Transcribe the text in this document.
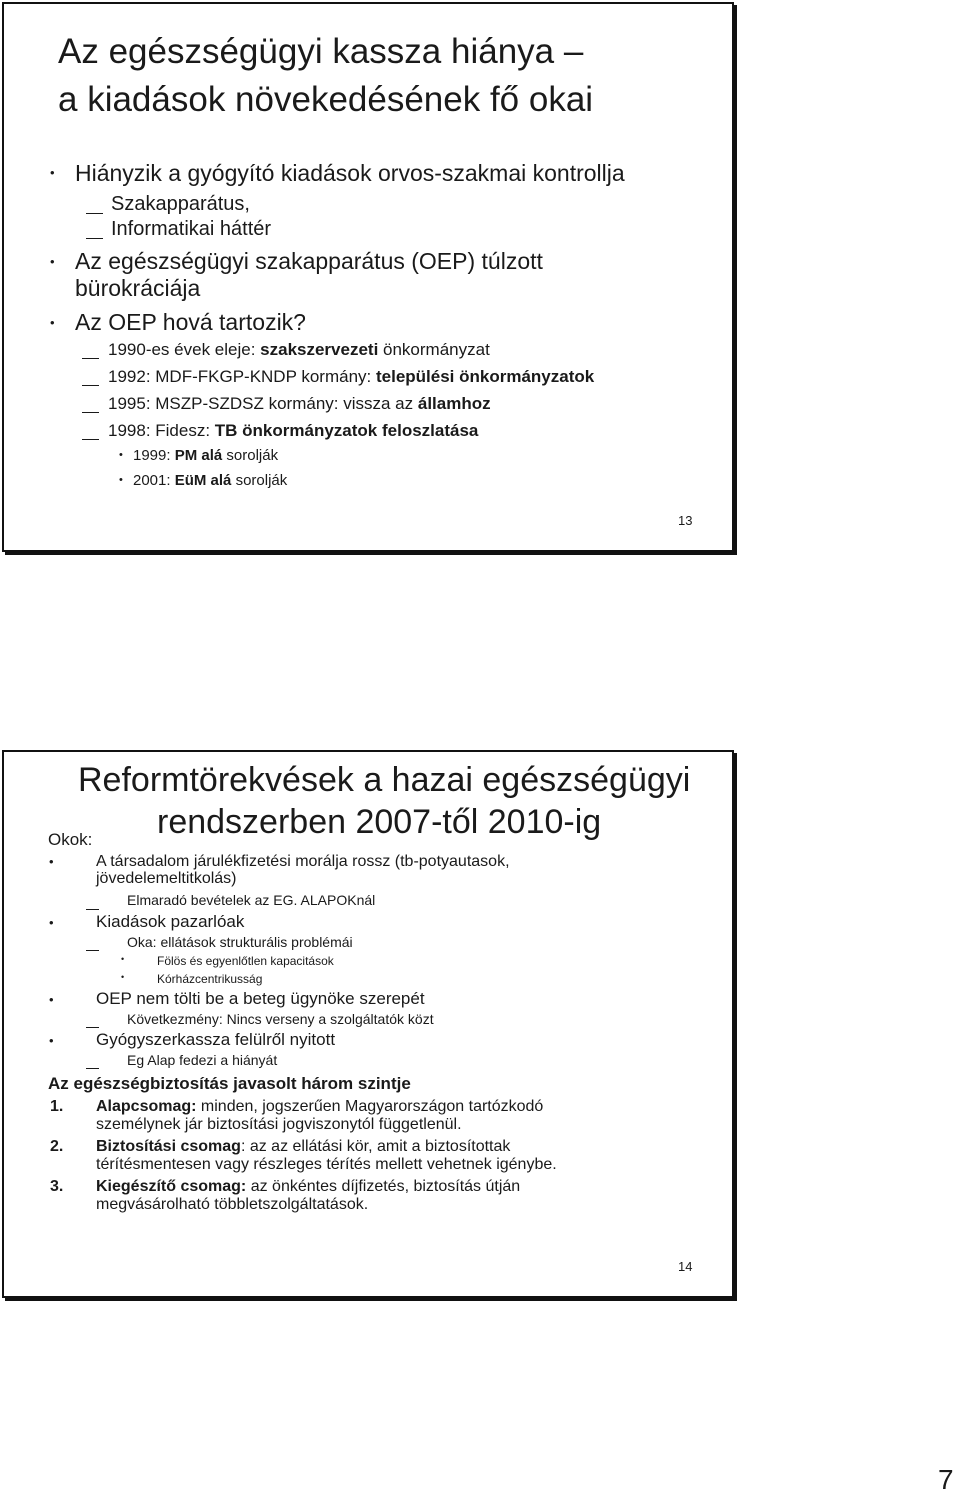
Az egészségügyi kassza hiánya –
a kiadások növekedésének fő okai
• Hiányzik a gyógyító kiadások orvos-szakmai kontrollja
Szakapparátus,
Informatikai háttér
• Az egészségügyi szakapparátus (OEP) túlzott
bürokráciája
• Az OEP hová tartozik?
1990-es évek eleje: szakszervezeti önkormányzat
1992: MDF-FKGP-KNDP kormány: települési önkormányzatok
1995: MSZP-SZDSZ kormány: vissza az államhoz
1998: Fidesz: TB önkormányzatok feloszlatása
• 1999: PM alá sorolják
• 2001: EüM alá sorolják
13
Reformtörekvések a hazai egészségügyi
rendszerben 2007-től 2010-ig
Okok:
•	A társadalom járulékfizetési morálja rossz (tb-potyautasok,
jövedelemeltitkolás)
Elmaradó bevételek az EG. ALAPOKnál
• Kiadások pazarlóak
Oka: ellátások strukturális problémái
•	Fölös és egyenlőtlen kapacitások
•	Kórházcentrikusság
• OEP nem tölti be a beteg ügynöke szerepét
Következmény: Nincs verseny a szolgáltatók közt
• Gyógyszerkassza felülről nyitott
Eg Alap fedezi a hiányát
Az egészségbiztosítás javasolt három szintje
1. Alapcsomag: minden, jogszerűen Magyarországon tartózkodó
személynek jár biztosítási jogviszonytól függetlenül.
2. Biztosítási csomag: az az ellátási kör, amit a biztosítottak
térítésmentesen vagy részleges térítés mellett vehetnek igénybe.
3. Kiegészítő csomag: az önkéntes díjfizetés, biztosítás útján
megvásárolható többletszolgáltatások.
14
7
